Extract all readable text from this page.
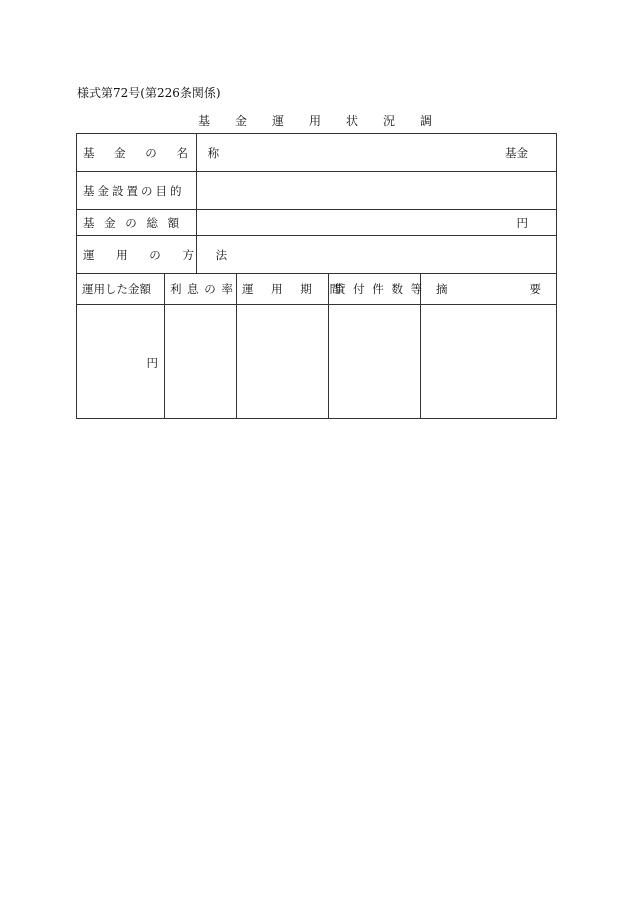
様式第72号(第226条関係)
基 金 運 用 状 況 調
基 金 の 名 称		基金			
基金設置の目的					
基 金 の 総 額		円			
運 用 の 方 法					
運用した金額	利 息 の 率		運 用 期 間	貸 付 件 数 等	摘 要
円					
